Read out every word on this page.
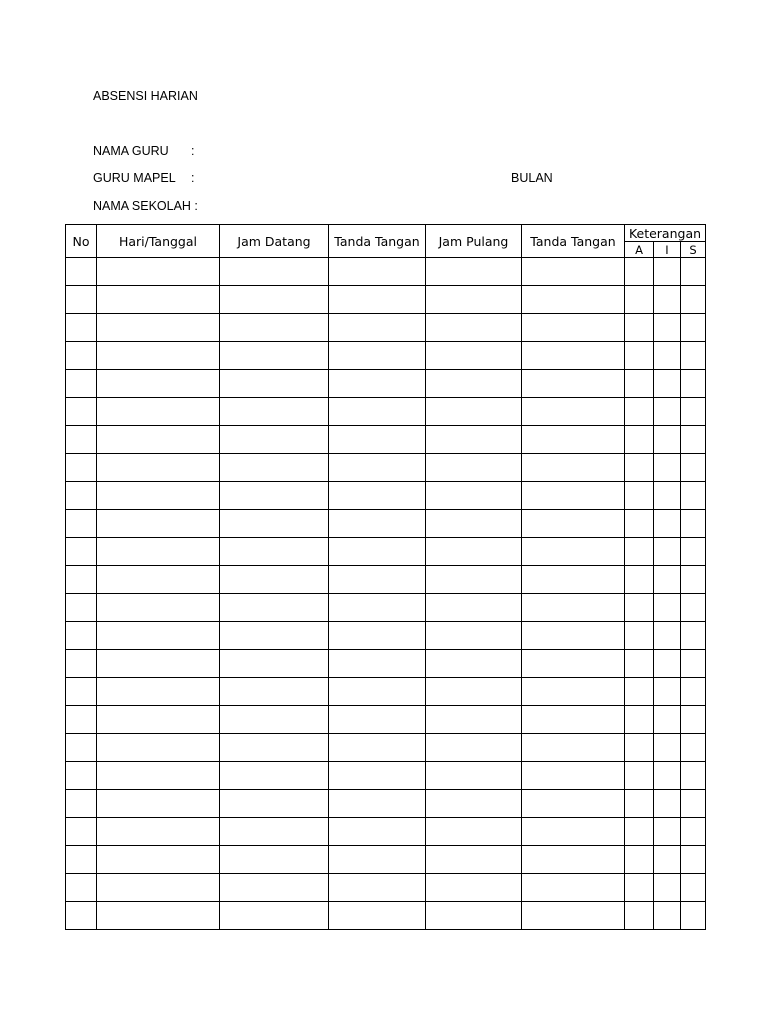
ABSENSI HARIAN
NAMA GURU :
GURU MAPEL :	BULAN
NAMA SEKOLAH :
No	Hari/Tanggal	Jam Datang	Tanda Tangan	Jam Pulang	Tanda Tangan	Keterangan		
						A	I	S
